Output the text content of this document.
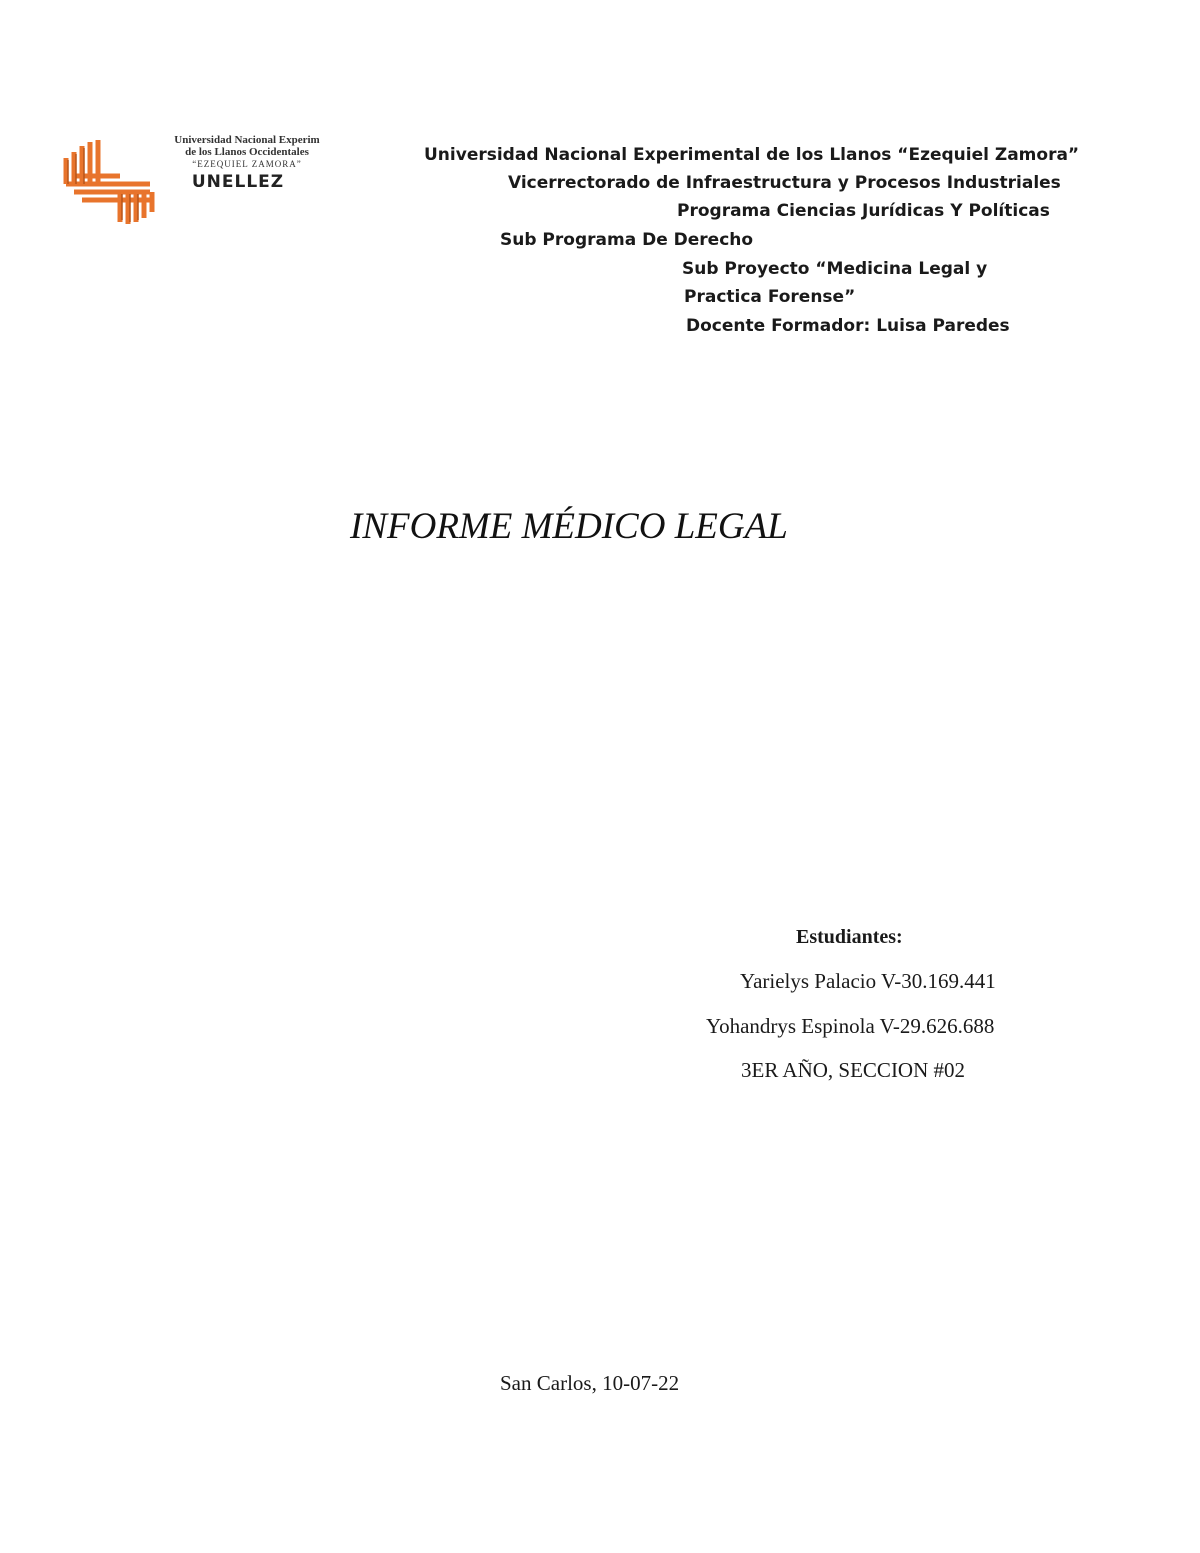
Universidad Nacional Experim
de los Llanos Occidentales
“EZEQUIEL ZAMORA”
UNELLEZ
Universidad Nacional Experimental de los Llanos “Ezequiel Zamora”
Vicerrectorado de Infraestructura y Procesos Industriales
Programa Ciencias Jurídicas Y Políticas
Sub Programa De Derecho
Sub Proyecto “Medicina Legal y
Practica Forense”
Docente Formador: Luisa Paredes
INFORME MÉDICO LEGAL
Estudiantes:
Yarielys Palacio V-30.169.441
Yohandrys Espinola V-29.626.688
3ER AÑO, SECCION #02
San Carlos, 10-07-22
